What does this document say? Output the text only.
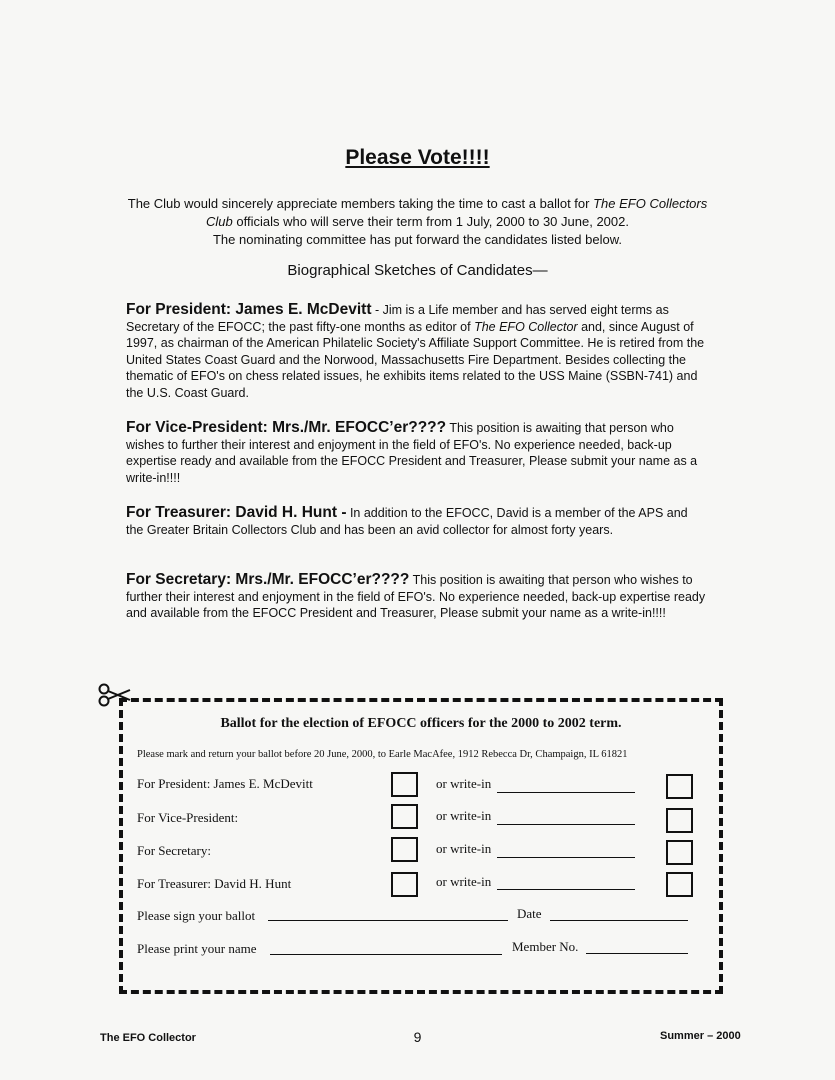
Please Vote!!!!
The Club would sincerely appreciate members taking the time to cast a ballot for The EFO Collectors Club officials who will serve their term from 1 July, 2000 to 30 June, 2002.
The nominating committee has put forward the candidates listed below.
Biographical Sketches of Candidates—
For President: James E. McDevitt - Jim is a Life member and has served eight terms as Secretary of the EFOCC; the past fifty-one months as editor of The EFO Collector and, since August of 1997, as chairman of the American Philatelic Society's Affiliate Support Committee. He is retired from the United States Coast Guard and the Norwood, Massachusetts Fire Department. Besides collecting the thematic of EFO's on chess related issues, he exhibits items related to the USS Maine (SSBN-741) and the U.S. Coast Guard.
For Vice-President: Mrs./Mr. EFOCC’er???? This position is awaiting that person who wishes to further their interest and enjoyment in the field of EFO's. No experience needed, back-up expertise ready and available from the EFOCC President and Treasurer, Please submit your name as a write-in!!!!
For Treasurer: David H. Hunt - In addition to the EFOCC, David is a member of the APS and the Greater Britain Collectors Club and has been an avid collector for almost forty years.
For Secretary: Mrs./Mr. EFOCC’er???? This position is awaiting that person who wishes to further their interest and enjoyment in the field of EFO's. No experience needed, back-up expertise ready and available from the EFOCC President and Treasurer, Please submit your name as a write-in!!!!
Ballot for the election of EFOCC officers for the 2000 to 2002 term.
Please mark and return your ballot before 20 June, 2000, to Earle MacAfee, 1912 Rebecca Dr, Champaign, IL 61821
For President: James E. McDevitt	or write-in
For Vice-President:	or write-in
For Secretary:	or write-in
For Treasurer: David H. Hunt	or write-in
Please sign your ballot	Date
Please print your name	Member No.
The EFO Collector	9	Summer – 2000
